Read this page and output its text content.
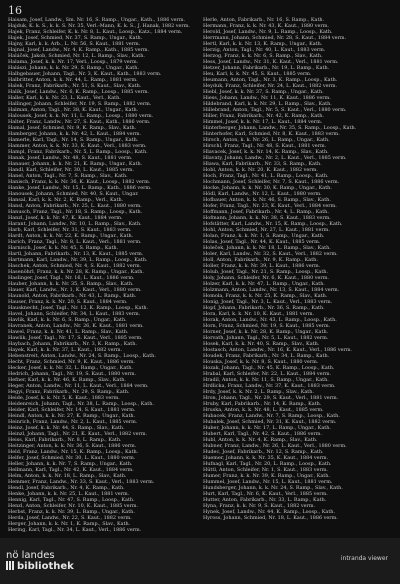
16

Haisam, Josef, Landw., Sm. Nr. 16, S. Ramp., Ungar., Kath., 1886 verm.

Hajduk, K. k. S., k. k. S. Nr. 35, Verl.-Mann, K. k. S., J. Hanak, 1882 verm.

Hajek, Franz, Schleifer, K. k. Nr. 8, L. Kaut., Loosp., Katz., 1884 verm.

Hajek, Josef, Schmied, Nr. 37, S. Ramp., Ungar., Kath.

Hajny, Karl, k. k. Arb., L. Nr. 56, S. Kaut., 1881 verm.

Hajnal, Josef, Landw., Nr. 4, K. Ramp., Kath., 1885 verm.

Haláček, Jakob, Schmied, Nr. 12, L. Ramp., Slav., Kath.

Halama, Josef, k. k. Nr. 17, Verl., Loosp., 1879 verm.

Halászi, Johann, k. k. Nr. 29, S. Ramp., Ungar., Kath.

Halbgebauer, Johann, Tagl., Nr. 3, K. Kaut., Kath., 1883 verm.

Halbritter, Anton, k. k. Nr. 44, L. Ramp., 1881 verm.

Halek, Franz, Fabrikarb., Nr. 51, S. Kaut., Slav., Kath.

Halik, Josef, Landw., Nr. 6, K. Ramp., Loosp., 1885 verm.

Haller, Karl, k. k. Nr. 23, L. Kaut., Verl., Kath.

Hallinger, Johann, Schleifer, Nr. 19, S. Ramp., 1882 verm.

Halman, Anton, Tagl., Nr. 38, K. Kaut., Ungar., Kath.

Halousek, Josef, k. k. Nr. 11, L. Ramp., Loosp., 1880 verm.

Halter, Franz, Landw., Nr. 27, S. Kaut., Kath., 1886 verm.

Hamal, Josef, Schmied, Nr. 9, K. Ramp., Slav., Kath.

Hamberger, Johann, k. k. Nr. 42, L. Kaut., 1884 verm.

Hamerle, Karl, Tagl., Nr. 14, S. Ramp., Ungar., Kath.

Hammer, Anton, k. k. Nr. 33, K. Kaut., Verl., 1883 verm.

Hampl, Franz, Fabrikarb., Nr. 5, L. Ramp., Loosp., Kath.

Hanak, Josef, Landw., Nr. 48, S. Kaut., 1881 verm.

Hanauer, Johann, k. k. Nr. 21, K. Ramp., Ungar., Kath.

Handl, Karl, Schleifer, Nr. 30, L. Kaut., 1885 verm.

Hanel, Anton, Tagl., Nr. 7, S. Ramp., Slav., Kath.

Hanisch, Franz, k. k. Nr. 36, K. Kaut., Loosp., 1882 verm.

Hanke, Josef, Landw., Nr. 15, L. Ramp., Kath., 1886 verm.

Hanousek, Johann, Schmied, Nr. 40, S. Kaut., Ungar.

Hansal, Karl, k. k. Nr. 2, K. Ramp., Verl., Kath.

Hansl, Anton, Fabrikarb., Nr. 25, L. Kaut., 1880 verm.

Hanusch, Franz, Tagl., Nr. 18, S. Ramp., Loosp., Kath.

Hanzl, Josef, k. k. Nr. 47, K. Kaut., 1884 verm.

Harant, Johann, Landw., Nr. 10, L. Ramp., Slav., Kath.

Harb, Karl, Schleifer, Nr. 31, S. Kaut., 1883 verm.

Hardt, Anton, k. k. Nr. 22, K. Ramp., Ungar., Kath.

Harich, Franz, Tagl., Nr. 8, L. Kaut., Verl., 1881 verm.

Harnisch, Josef, k. k. Nr. 45, S. Ramp., Kath.

Hartl, Johann, Fabrikarb., Nr. 13, K. Kaut., 1885 verm.

Hartmann, Karl, Landw., Nr. 39, L. Ramp., Loosp., Kath.

Haschek, Anton, Schmied, Nr. 4, S. Kaut., 1882 verm.

Hasenöhrl, Franz, k. k. Nr. 28, K. Ramp., Ungar., Kath.

Haslinger, Josef, Tagl., Nr. 16, L. Kaut., 1886 verm.

Hauber, Johann, k. k. Nr. 35, S. Ramp., Slav., Kath.

Hauer, Karl, Landw., Nr. 1, K. Kaut., Verl., 1880 verm.

Haunold, Anton, Fabrikarb., Nr. 43, L. Ramp., Kath.

Hauser, Franz, k. k. Nr. 20, S. Kaut., 1884 verm.

Hausknecht, Josef, Tagl., Nr. 12, K. Ramp., Loosp., Kath.

Havel, Johann, Schleifer, Nr. 34, L. Kaut., 1883 verm.

Havlik, Karl, k. k. Nr. 6, S. Ramp., Ungar., Kath.

Havranek, Anton, Landw., Nr. 26, K. Kaut., 1881 verm.

Hawel, Franz, k. k. Nr. 41, L. Ramp., Slav., Kath.

Hawlik, Josef, Tagl., Nr. 17, S. Kaut., Verl., 1885 verm.

Haybach, Johann, Fabrikarb., Nr. 3, K. Ramp., Kath.

Hayek, Karl, k. k. Nr. 37, L. Kaut., 1882 verm.

Hebenstreit, Anton, Landw., Nr. 24, S. Ramp., Loosp., Kath.

Hecht, Franz, Schmied, Nr. 9, K. Kaut., 1886 verm.

Hecker, Josef, k. k. Nr. 32, L. Ramp., Ungar., Kath.

Hedrich, Johann, Tagl., Nr. 19, S. Kaut., 1880 verm.

Hefner, Karl, k. k. Nr. 46, K. Ramp., Slav., Kath.

Heger, Anton, Landw., Nr. 11, L. Kaut., Verl., 1884 verm.

Hegyi, Franz, Fabrikarb., Nr. 29, S. Ramp., Kath.

Heide, Josef, k. k. Nr. 5, K. Kaut., 1883 verm.

Heidenreich, Johann, Tagl., Nr. 38, L. Ramp., Loosp., Kath.

Heider, Karl, Schleifer, Nr. 14, S. Kaut., 1881 verm.

Heindl, Anton, k. k. Nr. 27, K. Ramp., Ungar., Kath.

Heinrich, Franz, Landw., Nr. 2, L. Kaut., 1885 verm.

Heinz, Josef, k. k. Nr. 44, S. Ramp., Slav., Kath.

Heinzl, Johann, Tagl., Nr. 21, K. Kaut., Verl., 1882 verm.

Heiss, Karl, Fabrikarb., Nr. 8, L. Ramp., Kath.

Heitzinger, Anton, k. k. Nr. 36, S. Kaut., 1886 verm.

Held, Franz, Landw., Nr. 15, K. Ramp., Loosp., Kath.

Helfer, Josef, Schmied, Nr. 30, L. Kaut., 1880 verm.

Heller, Johann, k. k. Nr. 7, S. Ramp., Ungar., Kath.

Hellmann, Karl, Tagl., Nr. 42, K. Kaut., 1884 verm.

Helm, Anton, k. k. Nr. 18, L. Ramp., Slav., Kath.

Hemmer, Franz, Landw., Nr. 33, S. Kaut., Verl., 1883 verm.

Hendl, Josef, Fabrikarb., Nr. 4, K. Ramp., Kath.

Henke, Johann, k. k. Nr. 25, L. Kaut., 1881 verm.

Hennig, Karl, Tagl., Nr. 47, S. Ramp., Loosp., Kath.

Henzl, Anton, Schleifer, Nr. 10, K. Kaut., 1885 verm.

Herbst, Franz, k. k. Nr. 39, L. Ramp., Ungar., Kath.

Herda, Josef, Landw., Nr. 22, S. Kaut., 1882 verm.

Herger, Johann, k. k. Nr. 1, K. Ramp., Slav., Kath.

Hering, Karl, Tagl., Nr. 34, L. Kaut., Verl., 1886 verm.

Herle, Anton, Fabrikarb., Nr. 16, S. Ramp., Kath.

Hermann, Franz, k. k. Nr. 43, K. Kaut., 1880 verm.

Herold, Josef, Landw., Nr. 9, L. Ramp., Loosp., Kath.

Herrmann, Johann, Schmied, Nr. 28, S. Kaut., 1884 verm.

Hertl, Karl, k. k. Nr. 13, K. Ramp., Ungar., Kath.

Herzig, Anton, Tagl., Nr. 40, L. Kaut., 1883 verm.

Herzog, Franz, k. k. Nr. 6, S. Ramp., Slav., Kath.

Hess, Josef, Landw., Nr. 31, K. Kaut., Verl., 1881 verm.

Hetzer, Johann, Fabrikarb., Nr. 19, L. Ramp., Kath.

Heu, Karl, k. k. Nr. 45, S. Kaut., 1885 verm.

Heumann, Anton, Tagl., Nr. 3, K. Ramp., Loosp., Kath.

Heyduk, Franz, Schleifer, Nr. 24, L. Kaut., 1882 verm.

Hiebl, Josef, k. k. Nr. 37, S. Ramp., Ungar., Kath.

Hiess, Johann, Landw., Nr. 11, K. Kaut., 1886 verm.

Hildebrand, Karl, k. k. Nr. 29, L. Ramp., Slav., Kath.

Hillebrand, Anton, Tagl., Nr. 5, S. Kaut., Verl., 1880 verm.

Hiller, Franz, Fabrikarb., Nr. 42, K. Ramp., Kath.

Himmel, Josef, k. k. Nr. 17, L. Kaut., 1884 verm.

Hinterberger, Johann, Landw., Nr. 35, S. Ramp., Loosp., Kath.

Hinterhofer, Karl, Schmied, Nr. 8, K. Kaut., 1883 verm.

Hirsch, Anton, k. k. Nr. 26, L. Ramp., Ungar., Kath.

Hirschl, Franz, Tagl., Nr. 48, S. Kaut., 1881 verm.

Hlavacek, Josef, k. k. Nr. 14, K. Ramp., Slav., Kath.

Hlavaty, Johann, Landw., Nr. 2, L. Kaut., Verl., 1885 verm.

Hlawa, Karl, Fabrikarb., Nr. 33, S. Ramp., Kath.

Hobl, Anton, k. k. Nr. 20, K. Kaut., 1882 verm.

Hoch, Franz, Tagl., Nr. 41, L. Ramp., Loosp., Kath.

Hochmann, Josef, Schleifer, Nr. 7, S. Kaut., 1886 verm.

Hocke, Johann, k. k. Nr. 30, K. Ramp., Ungar., Kath.

Hödl, Karl, Landw., Nr. 12, L. Kaut., 1880 verm.

Hofbauer, Anton, k. k. Nr. 46, S. Ramp., Slav., Kath.

Hofer, Franz, Tagl., Nr. 23, K. Kaut., Verl., 1884 verm.

Hoffmann, Josef, Fabrikarb., Nr. 4, L. Ramp., Kath.

Hofmann, Johann, k. k. Nr. 38, S. Kaut., 1883 verm.

Hofstätter, Karl, Landw., Nr. 15, K. Ramp., Loosp., Kath.

Hohl, Anton, Schmied, Nr. 27, L. Kaut., 1881 verm.

Holan, Franz, k. k. Nr. 1, S. Ramp., Ungar., Kath.

Holas, Josef, Tagl., Nr. 44, K. Kaut., 1885 verm.

Holeček, Johann, k. k. Nr. 18, L. Ramp., Slav., Kath.

Holer, Karl, Landw., Nr. 32, S. Kaut., Verl., 1882 verm.

Holl, Anton, Fabrikarb., Nr. 9, K. Ramp., Kath.

Holler, Franz, k. k. Nr. 39, L. Kaut., 1886 verm.

Holub, Josef, Tagl., Nr. 21, S. Ramp., Loosp., Kath.

Holy, Johann, Schleifer, Nr. 6, K. Kaut., 1880 verm.

Holzer, Karl, k. k. Nr. 47, L. Ramp., Ungar., Kath.

Holzmann, Anton, Landw., Nr. 13, S. Kaut., 1884 verm.

Homola, Franz, k. k. Nr. 25, K. Ramp., Slav., Kath.

Honig, Josef, Tagl., Nr. 3, L. Kaut., Verl., 1883 verm.

Hopf, Johann, Fabrikarb., Nr. 36, S. Ramp., Kath.

Hora, Karl, k. k. Nr. 10, K. Kaut., 1881 verm.

Horak, Anton, Landw., Nr. 43, L. Ramp., Loosp., Kath.

Horn, Franz, Schmied, Nr. 19, S. Kaut., 1885 verm.

Horner, Josef, k. k. Nr. 28, K. Ramp., Ungar., Kath.

Horvath, Johann, Tagl., Nr. 5, L. Kaut., 1882 verm.

Hosek, Karl, k. k. Nr. 40, S. Ramp., Slav., Kath.

Hostasch, Anton, Landw., Nr. 16, K. Kaut., Verl., 1886 verm.

Houdek, Franz, Fabrikarb., Nr. 34, L. Ramp., Kath.

Houska, Josef, k. k. Nr. 8, S. Kaut., 1880 verm.

Hozak, Johann, Tagl., Nr. 45, K. Ramp., Loosp., Kath.

Hrabal, Karl, Schleifer, Nr. 22, L. Kaut., 1884 verm.

Hradil, Anton, k. k. Nr. 11, S. Ramp., Ungar., Kath.

Hrdlicka, Franz, Landw., Nr. 37, K. Kaut., 1883 verm.

Hrdy, Josef, k. k. Nr. 2, L. Ramp., Slav., Kath.

Hron, Johann, Tagl., Nr. 29, S. Kaut., Verl., 1881 verm.

Hruby, Karl, Fabrikarb., Nr. 14, K. Ramp., Kath.

Hruska, Anton, k. k. Nr. 48, L. Kaut., 1885 verm.

Hubacek, Franz, Landw., Nr. 7, S. Ramp., Loosp., Kath.

Hubalek, Josef, Schmied, Nr. 31, K. Kaut., 1882 verm.

Huber, Johann, k. k. Nr. 17, L. Ramp., Ungar., Kath.

Hubert, Karl, Tagl., Nr. 42, S. Kaut., 1886 verm.

Hubl, Anton, k. k. Nr. 4, K. Ramp., Slav., Kath.

Hubner, Franz, Landw., Nr. 26, L. Kaut., Verl., 1880 verm.

Hudec, Josef, Fabrikarb., Nr. 12, S. Ramp., Kath.

Huemer, Johann, k. k. Nr. 35, K. Kaut., 1884 verm.

Hufnagl, Karl, Tagl., Nr. 20, L. Ramp., Loosp., Kath.

Hüttl, Anton, Schleifer, Nr. 1, S. Kaut., 1883 verm.

Humer, Franz, k. k. Nr. 39, K. Ramp., Ungar., Kath.

Hummel, Josef, Landw., Nr. 15, L. Kaut., 1881 verm.

Hundsberger, Johann, k. k. Nr. 24, S. Ramp., Slav., Kath.

Hurt, Karl, Tagl., Nr. 6, K. Kaut., Verl., 1885 verm.

Hutter, Anton, Fabrikarb., Nr. 33, L. Ramp., Kath.

Hyna, Franz, k. k. Nr. 9, S. Kaut., 1882 verm.

Hynek, Josef, Landw., Nr. 44, K. Ramp., Loosp., Kath.

Hyross, Johann, Schmied, Nr. 18, L. Kaut., 1886 verm.

nö landes
bibliothek
intranda viewer
